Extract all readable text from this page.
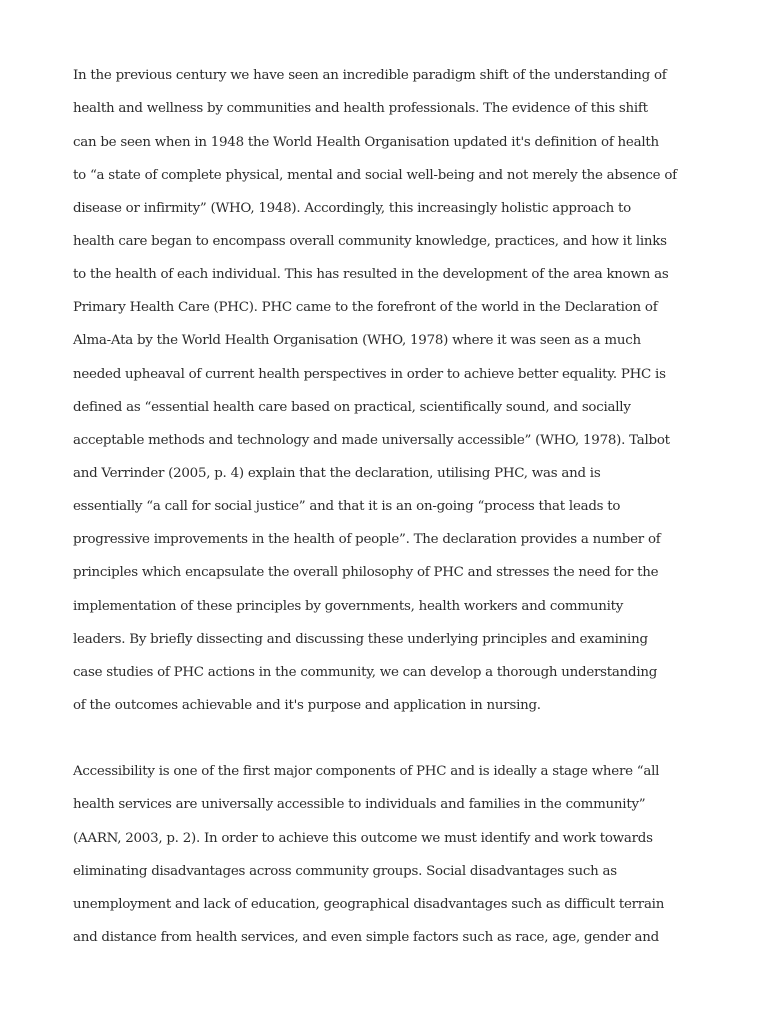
In the previous century we have seen an incredible paradigm shift of the understanding of
health and wellness by communities and health professionals. The evidence of this shift
can be seen when in 1948 the World Health Organisation updated it's definition of health
to “a state of complete physical, mental and social well-being and not merely the absence of
disease or infirmity” (WHO, 1948). Accordingly, this increasingly holistic approach to
health care began to encompass overall community knowledge, practices, and how it links
to the health of each individual. This has resulted in the development of the area known as
Primary Health Care (PHC). PHC came to the forefront of the world in the Declaration of
Alma-Ata by the World Health Organisation (WHO, 1978) where it was seen as a much
needed upheaval of current health perspectives in order to achieve better equality. PHC is
defined as “essential health care based on practical, scientifically sound, and socially
acceptable methods and technology and made universally accessible” (WHO, 1978). Talbot
and Verrinder (2005, p. 4) explain that the declaration, utilising PHC, was and is
essentially “a call for social justice” and that it is an on-going “process that leads to
progressive improvements in the health of people”. The declaration provides a number of
principles which encapsulate the overall philosophy of PHC and stresses the need for the
implementation of these principles by governments, health workers and community
leaders. By briefly dissecting and discussing these underlying principles and examining
case studies of PHC actions in the community, we can develop a thorough understanding
of the outcomes achievable and it's purpose and application in nursing.
Accessibility is one of the first major components of PHC and is ideally a stage where “all
health services are universally accessible to individuals and families in the community”
(AARN, 2003, p. 2). In order to achieve this outcome we must identify and work towards
eliminating disadvantages across community groups. Social disadvantages such as
unemployment and lack of education, geographical disadvantages such as difficult terrain
and distance from health services, and even simple factors such as race, age, gender and
